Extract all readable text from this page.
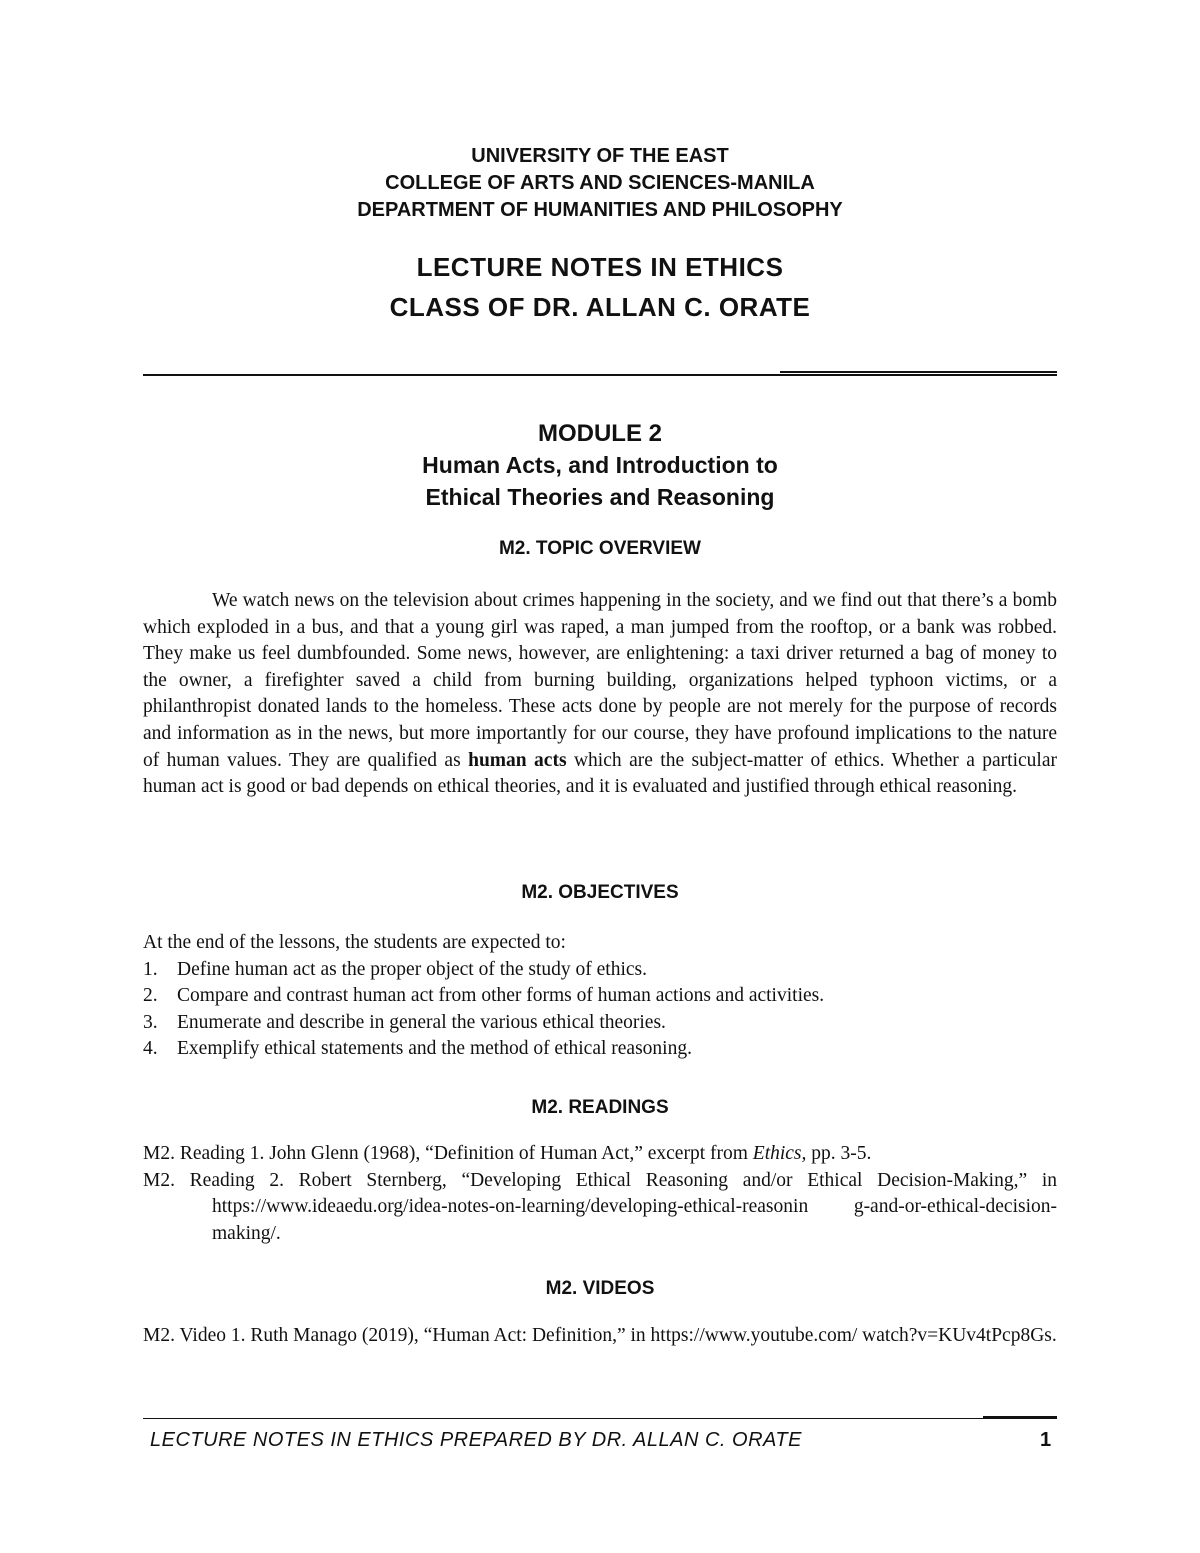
UNIVERSITY OF THE EAST
COLLEGE OF ARTS AND SCIENCES-MANILA
DEPARTMENT OF HUMANITIES AND PHILOSOPHY
LECTURE NOTES IN ETHICS
CLASS OF DR. ALLAN C. ORATE
MODULE 2
Human Acts, and Introduction to
Ethical Theories and Reasoning
M2. TOPIC OVERVIEW

We watch news on the television about crimes happening in the society, and we find out that there’s a bomb which exploded in a bus, and that a young girl was raped, a man jumped from the rooftop, or a bank was robbed. They make us feel dumbfounded. Some news, however, are enlightening: a taxi driver returned a bag of money to the owner, a firefighter saved a child from burning building, organizations helped typhoon victims, or a philanthropist donated lands to the homeless. These acts done by people are not merely for the purpose of records and information as in the news, but more importantly for our course, they have profound implications to the nature of human values. They are qualified as human acts which are the subject-matter of ethics. Whether a particular human act is good or bad depends on ethical theories, and it is evaluated and justified through ethical reasoning.

M2. OBJECTIVES
At the end of the lessons, the students are expected to:
1. Define human act as the proper object of the study of ethics.
2. Compare and contrast human act from other forms of human actions and activities.
3. Enumerate and describe in general the various ethical theories.
4. Exemplify ethical statements and the method of ethical reasoning.
M2. READINGS

M2. Reading 1. John Glenn (1968), “Definition of Human Act,” excerpt from Ethics, pp. 3-5.

M2. Reading 2. Robert Sternberg, “Developing Ethical Reasoning and/or Ethical Decision-Making,” in https://www.ideaedu.org/idea-notes-on-learning/developing-ethical-reasonin g-and-or-ethical-decision-making/.

M2. VIDEOS

M2. Video 1. Ruth Manago (2019), “Human Act: Definition,” in https://www.youtube.com/ watch?v=KUv4tPcp8Gs.

LECTURE NOTES IN ETHICS PREPARED BY DR. ALLAN C. ORATE	1
